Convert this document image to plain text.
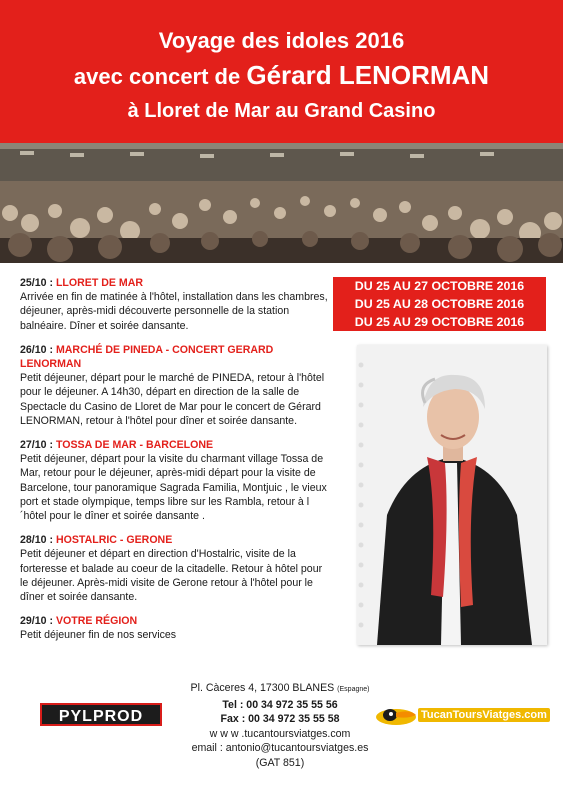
Voyage des idoles 2016
avec concert de Gérard LENORMAN
à Lloret de Mar au Grand Casino
DU 25 AU 27 OCTOBRE 2016
DU 25 AU 28 OCTOBRE 2016
DU 25 AU 29 OCTOBRE 2016
25/10 : LLORET DE MAR

Arrivée en fin de matinée à l'hôtel, installation dans les chambres, déjeuner, après-midi découverte personnelle de la station balnéaire. Dîner et soirée dansante.

26/10 : MARCHÉ DE PINEDA - CONCERT GERARD LENORMAN

Petit déjeuner, départ pour le marché de PINEDA, retour à l'hôtel pour le déjeuner. A 14h30, départ en direction de la salle de Spectacle du Casino de Lloret de Mar pour le concert de Gérard LENORMAN, retour à l'hôtel pour dîner et soirée dansante.

27/10 : TOSSA DE MAR - BARCELONE

Petit déjeuner, départ pour la visite du charmant village Tossa de Mar, retour pour le déjeuner, après-midi départ pour la visite de Barcelone, tour panoramique Sagrada Familia, Montjuic , le vieux port et stade olympique, temps libre sur les Rambla, retour à l´hôtel pour le dîner et soirée dansante .

28/10 : HOSTALRIC - GERONE

Petit déjeuner et départ en direction d'Hostalric, visite de la forteresse et balade au coeur de la citadelle. Retour à hôtel pour le déjeuner. Après-midi visite de Gerone retour à l'hôtel pour le dîner et soirée dansante.

29/10 : VOTRE RÉGION

Petit déjeuner fin de nos services

PYLPROD
Pl. Càceres 4, 17300 BLANES (Espagne)
Tel : 00 34 972 35 55 56
Fax : 00 34 972 35 55 58
w w w .tucantoursviatges.com
email : antonio@tucantoursviatges.es
(GAT 851)
TucanToursViatges.com
